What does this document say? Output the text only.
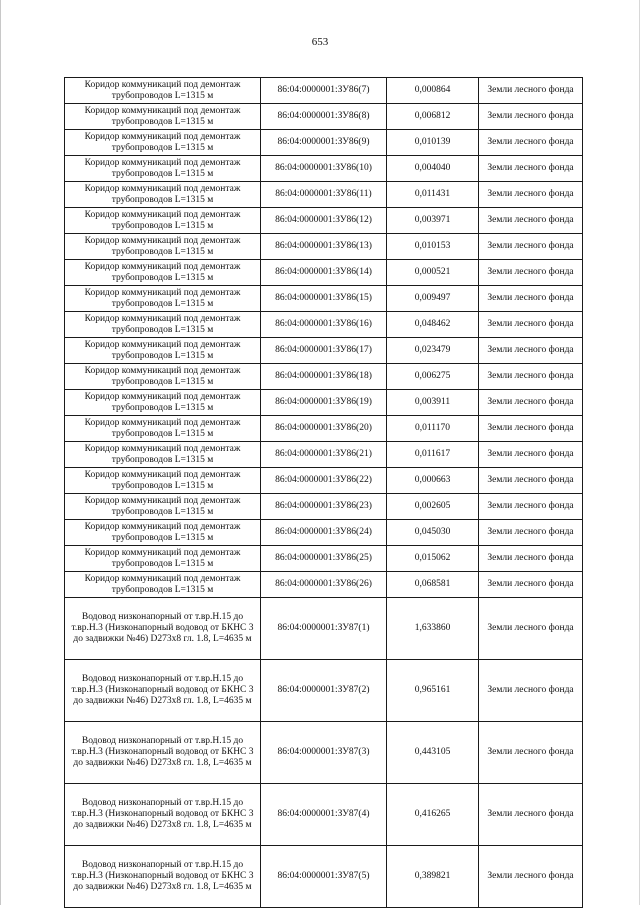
653
Коридор коммуникаций под демонтаж трубопроводов L=1315 м	86:04:0000001:ЗУ86(7)	0,000864	Земли лесного фонда
Коридор коммуникаций под демонтаж трубопроводов L=1315 м	86:04:0000001:ЗУ86(8)	0,006812	Земли лесного фонда
Коридор коммуникаций под демонтаж трубопроводов L=1315 м	86:04:0000001:ЗУ86(9)	0,010139	Земли лесного фонда
Коридор коммуникаций под демонтаж трубопроводов L=1315 м	86:04:0000001:ЗУ86(10)	0,004040	Земли лесного фонда
Коридор коммуникаций под демонтаж трубопроводов L=1315 м	86:04:0000001:ЗУ86(11)	0,011431	Земли лесного фонда
Коридор коммуникаций под демонтаж трубопроводов L=1315 м	86:04:0000001:ЗУ86(12)	0,003971	Земли лесного фонда
Коридор коммуникаций под демонтаж трубопроводов L=1315 м	86:04:0000001:ЗУ86(13)	0,010153	Земли лесного фонда
Коридор коммуникаций под демонтаж трубопроводов L=1315 м	86:04:0000001:ЗУ86(14)	0,000521	Земли лесного фонда
Коридор коммуникаций под демонтаж трубопроводов L=1315 м	86:04:0000001:ЗУ86(15)	0,009497	Земли лесного фонда
Коридор коммуникаций под демонтаж трубопроводов L=1315 м	86:04:0000001:ЗУ86(16)	0,048462	Земли лесного фонда
Коридор коммуникаций под демонтаж трубопроводов L=1315 м	86:04:0000001:ЗУ86(17)	0,023479	Земли лесного фонда
Коридор коммуникаций под демонтаж трубопроводов L=1315 м	86:04:0000001:ЗУ86(18)	0,006275	Земли лесного фонда
Коридор коммуникаций под демонтаж трубопроводов L=1315 м	86:04:0000001:ЗУ86(19)	0,003911	Земли лесного фонда
Коридор коммуникаций под демонтаж трубопроводов L=1315 м	86:04:0000001:ЗУ86(20)	0,011170	Земли лесного фонда
Коридор коммуникаций под демонтаж трубопроводов L=1315 м	86:04:0000001:ЗУ86(21)	0,011617	Земли лесного фонда
Коридор коммуникаций под демонтаж трубопроводов L=1315 м	86:04:0000001:ЗУ86(22)	0,000663	Земли лесного фонда
Коридор коммуникаций под демонтаж трубопроводов L=1315 м	86:04:0000001:ЗУ86(23)	0,002605	Земли лесного фонда
Коридор коммуникаций под демонтаж трубопроводов L=1315 м	86:04:0000001:ЗУ86(24)	0,045030	Земли лесного фонда
Коридор коммуникаций под демонтаж трубопроводов L=1315 м	86:04:0000001:ЗУ86(25)	0,015062	Земли лесного фонда
Коридор коммуникаций под демонтаж трубопроводов L=1315 м	86:04:0000001:ЗУ86(26)	0,068581	Земли лесного фонда
Водовод низконапорный от т.вр.Н.15 до т.вр.Н.3 (Низконапорный водовод от БКНС 3 до задвижки №46) D273х8 гл. 1.8, L=4635 м	86:04:0000001:ЗУ87(1)	1,633860	Земли лесного фонда
Водовод низконапорный от т.вр.Н.15 до т.вр.Н.3 (Низконапорный водовод от БКНС 3 до задвижки №46) D273х8 гл. 1.8, L=4635 м	86:04:0000001:ЗУ87(2)	0,965161	Земли лесного фонда
Водовод низконапорный от т.вр.Н.15 до т.вр.Н.3 (Низконапорный водовод от БКНС 3 до задвижки №46) D273х8 гл. 1.8, L=4635 м	86:04:0000001:ЗУ87(3)	0,443105	Земли лесного фонда
Водовод низконапорный от т.вр.Н.15 до т.вр.Н.3 (Низконапорный водовод от БКНС 3 до задвижки №46) D273х8 гл. 1.8, L=4635 м	86:04:0000001:ЗУ87(4)	0,416265	Земли лесного фонда
Водовод низконапорный от т.вр.Н.15 до т.вр.Н.3 (Низконапорный водовод от БКНС 3 до задвижки №46) D273х8 гл. 1.8, L=4635 м	86:04:0000001:ЗУ87(5)	0,389821	Земли лесного фонда
